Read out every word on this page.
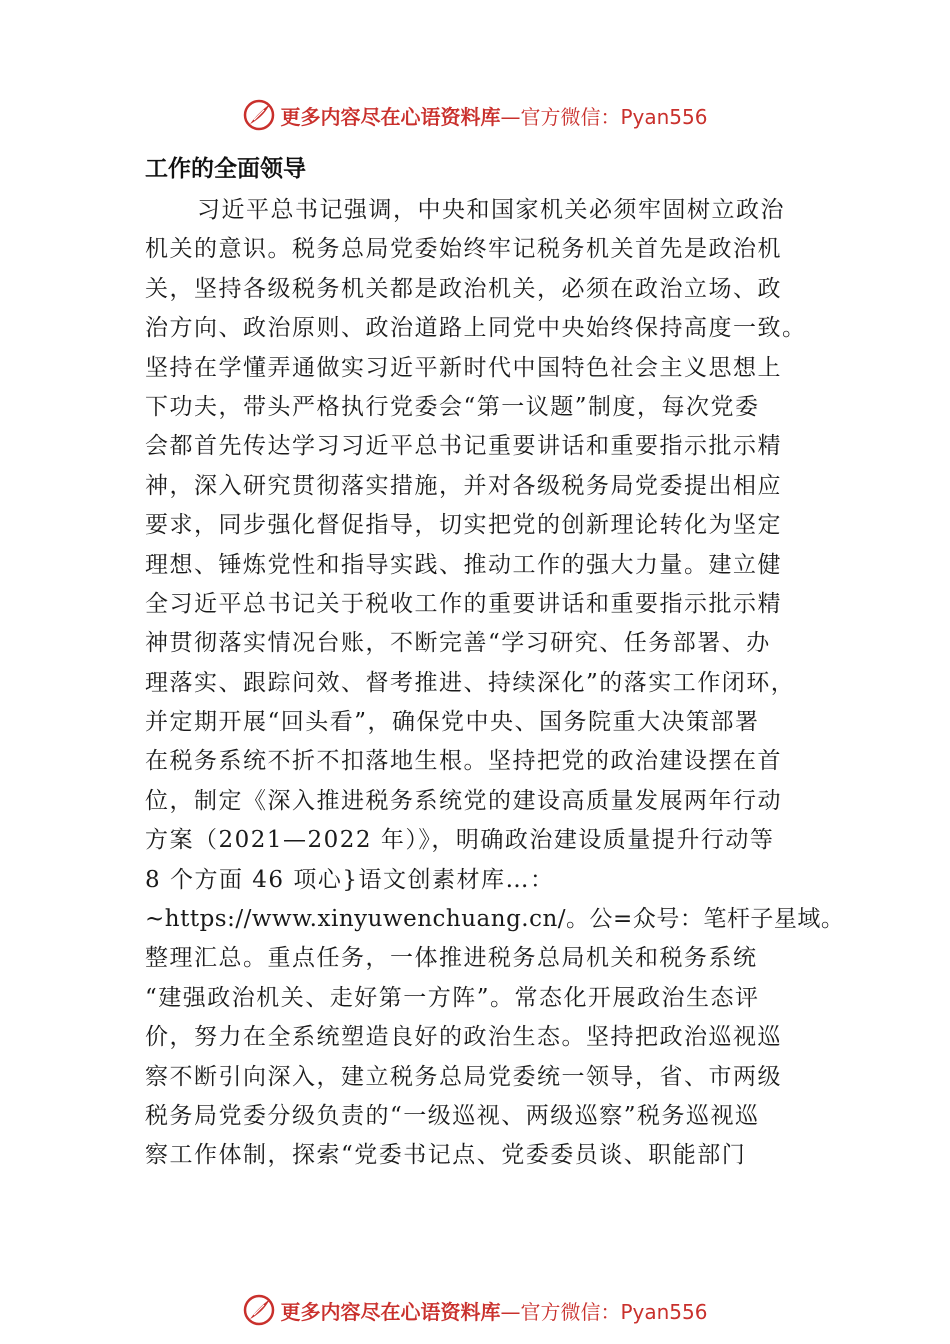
更多内容尽在心语资料库 —官方微信：Pyan556
工作的全面领导
习近平总书记强调，中央和国家机关必须牢固树立政治
机关的意识。税务总局党委始终牢记税务机关首先是政治机
关，坚持各级税务机关都是政治机关，必须在政治立场、政
治方向、政治原则、政治道路上同党中央始终保持高度一致。
坚持在学懂弄通做实习近平新时代中国特色社会主义思想上
下功夫，带头严格执行党委会“第一议题”制度，每次党委
会都首先传达学习习近平总书记重要讲话和重要指示批示精
神，深入研究贯彻落实措施，并对各级税务局党委提出相应
要求，同步强化督促指导，切实把党的创新理论转化为坚定
理想、锤炼党性和指导实践、推动工作的强大力量。建立健
全习近平总书记关于税收工作的重要讲话和重要指示批示精
神贯彻落实情况台账，不断完善“学习研究、任务部署、办
理落实、跟踪问效、督考推进、持续深化”的落实工作闭环，
并定期开展“回头看”，确保党中央、国务院重大决策部署
在税务系统不折不扣落地生根。坚持把党的政治建设摆在首
位，制定《深入推进税务系统党的建设高质量发展两年行动
方案（2021—2022 年）》，明确政治建设质量提升行动等
8 个方面 46 项心}语文创素材库…：
~https://www.xinyuwenchuang.cn/。公=众号：笔杆子星域。
整理汇总。重点任务，一体推进税务总局机关和税务系统
“建强政治机关、走好第一方阵”。常态化开展政治生态评
价，努力在全系统塑造良好的政治生态。坚持把政治巡视巡
察不断引向深入，建立税务总局党委统一领导，省、市两级
税务局党委分级负责的“一级巡视、两级巡察”税务巡视巡
察工作体制，探索“党委书记点、党委委员谈、职能部门
更多内容尽在心语资料库 —官方微信：Pyan556
